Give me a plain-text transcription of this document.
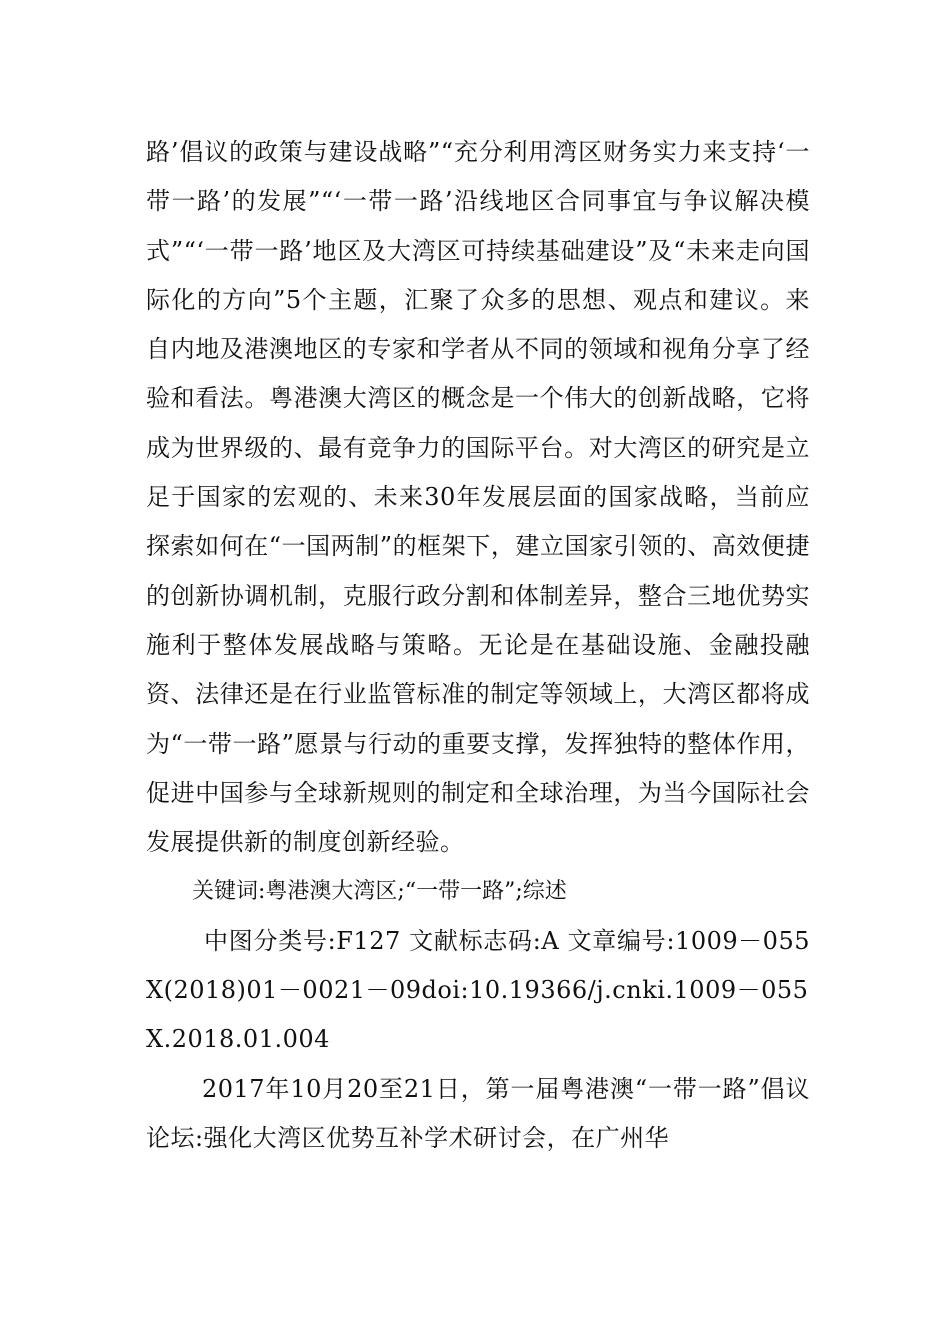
路’倡议的政策与建设战略”“充分利用湾区财务实力来支持‘一带一路’的发展”“‘一带一路’沿线地区合同事宜与争议解决模式”“‘一带一路’地区及大湾区可持续基础建设”及“未来走向国际化的方向”5个主题，汇聚了众多的思想、观点和建议。来自内地及港澳地区的专家和学者从不同的领域和视角分享了经验和看法。粤港澳大湾区的概念是一个伟大的创新战略，它将成为世界级的、最有竞争力的国际平台。对大湾区的研究是立足于国家的宏观的、未来30年发展层面的国家战略，当前应探索如何在“一国两制”的框架下，建立国家引领的、高效便捷的创新协调机制，克服行政分割和体制差异，整合三地优势实施利于整体发展战略与策略。无论是在基础设施、金融投融资、法律还是在行业监管标准的制定等领域上，大湾区都将成为“一带一路”愿景与行动的重要支撑，发挥独特的整体作用，促进中国参与全球新规则的制定和全球治理，为当今国际社会发展提供新的制度创新经验。

关键词:粤港澳大湾区;“一带一路”;综述

中图分类号:F127 文献标志码:A 文章编号:1009－055X(2018)01－0021－09doi:10.19366/j.cnki.1009－055X.2018.01.004

2017年10月20至21日，第一届粤港澳“一带一路”倡议论坛:强化大湾区优势互补学术研讨会，在广州华
